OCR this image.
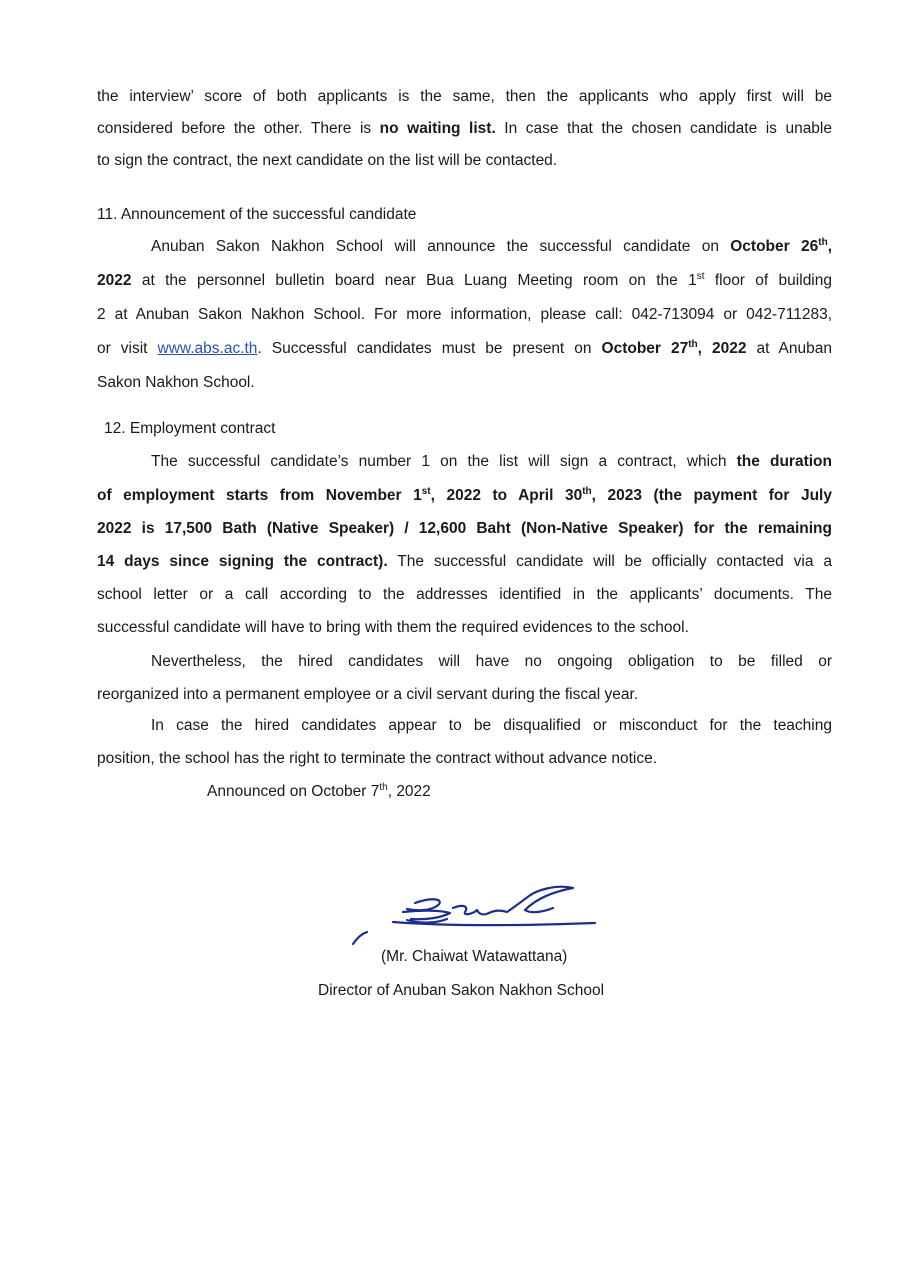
the interview’ score of both applicants is the same, then the applicants who apply first will be
considered before the other. There is no waiting list. In case that the chosen candidate is unable
to sign the contract, the next candidate on the list will be contacted.
11. Announcement of the successful candidate
Anuban Sakon Nakhon School will announce the successful candidate on October 26th,
2022 at the personnel bulletin board near Bua Luang Meeting room on the 1st floor of building
2 at Anuban Sakon Nakhon School. For more information, please call: 042-713094 or 042-711283,
or visit www.abs.ac.th. Successful candidates must be present on October 27th, 2022 at Anuban
Sakon Nakhon School.
12. Employment contract
The successful candidate’s number 1 on the list will sign a contract, which the duration
of employment starts from November 1st, 2022 to April 30th, 2023 (the payment for July
2022 is 17,500 Bath (Native Speaker) / 12,600 Baht (Non-Native Speaker) for the remaining
14 days since signing the contract). The successful candidate will be officially contacted via a
school letter or a call according to the addresses identified in the applicants’ documents. The
successful candidate will have to bring with them the required evidences to the school.
Nevertheless, the hired candidates will have no ongoing obligation to be filled or
reorganized into a permanent employee or a civil servant during the fiscal year.
In case the hired candidates appear to be disqualified or misconduct for the teaching
position, the school has the right to terminate the contract without advance notice.
Announced on October 7th, 2022
(Mr. Chaiwat Watawattana)
Director of Anuban Sakon Nakhon School
